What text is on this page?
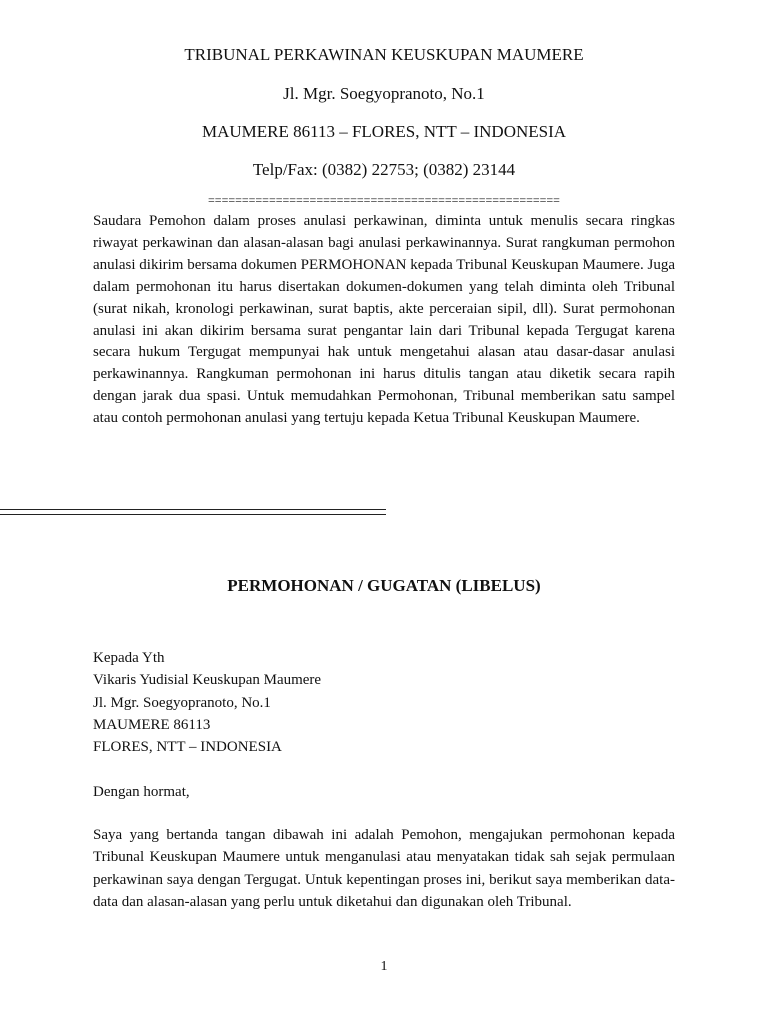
TRIBUNAL PERKAWINAN KEUSKUPAN MAUMERE
Jl. Mgr. Soegyopranoto, No.1
MAUMERE 86113 – FLORES, NTT – INDONESIA
Telp/Fax: (0382) 22753; (0382) 23144
====================================================
Saudara Pemohon dalam proses anulasi perkawinan, diminta untuk menulis secara ringkas riwayat perkawinan dan alasan-alasan bagi anulasi perkawinannya. Surat rangkuman permohon anulasi dikirim bersama dokumen PERMOHONAN kepada Tribunal Keuskupan Maumere. Juga dalam permohonan itu harus disertakan dokumen-dokumen yang telah diminta oleh Tribunal (surat nikah, kronologi perkawinan, surat baptis, akte perceraian sipil, dll). Surat permohonan anulasi ini akan dikirim bersama surat pengantar lain dari Tribunal kepada Tergugat karena secara hukum Tergugat mempunyai hak untuk mengetahui alasan atau dasar-dasar anulasi perkawinannya. Rangkuman permohonan ini harus ditulis tangan atau diketik secara rapih dengan jarak dua spasi. Untuk memudahkan Permohonan, Tribunal memberikan satu sampel atau contoh permohonan anulasi yang tertuju kepada Ketua Tribunal Keuskupan Maumere.
PERMOHONAN / GUGATAN (LIBELUS)
Kepada Yth
Vikaris Yudisial Keuskupan Maumere
Jl. Mgr. Soegyopranoto, No.1
MAUMERE 86113
FLORES, NTT – INDONESIA
Dengan hormat,
Saya yang bertanda tangan dibawah ini adalah Pemohon, mengajukan permohonan kepada Tribunal Keuskupan Maumere untuk menganulasi atau menyatakan tidak sah sejak permulaan perkawinan saya dengan Tergugat. Untuk kepentingan proses ini, berikut saya memberikan data-data dan alasan-alasan yang perlu untuk diketahui dan digunakan oleh Tribunal.
1
